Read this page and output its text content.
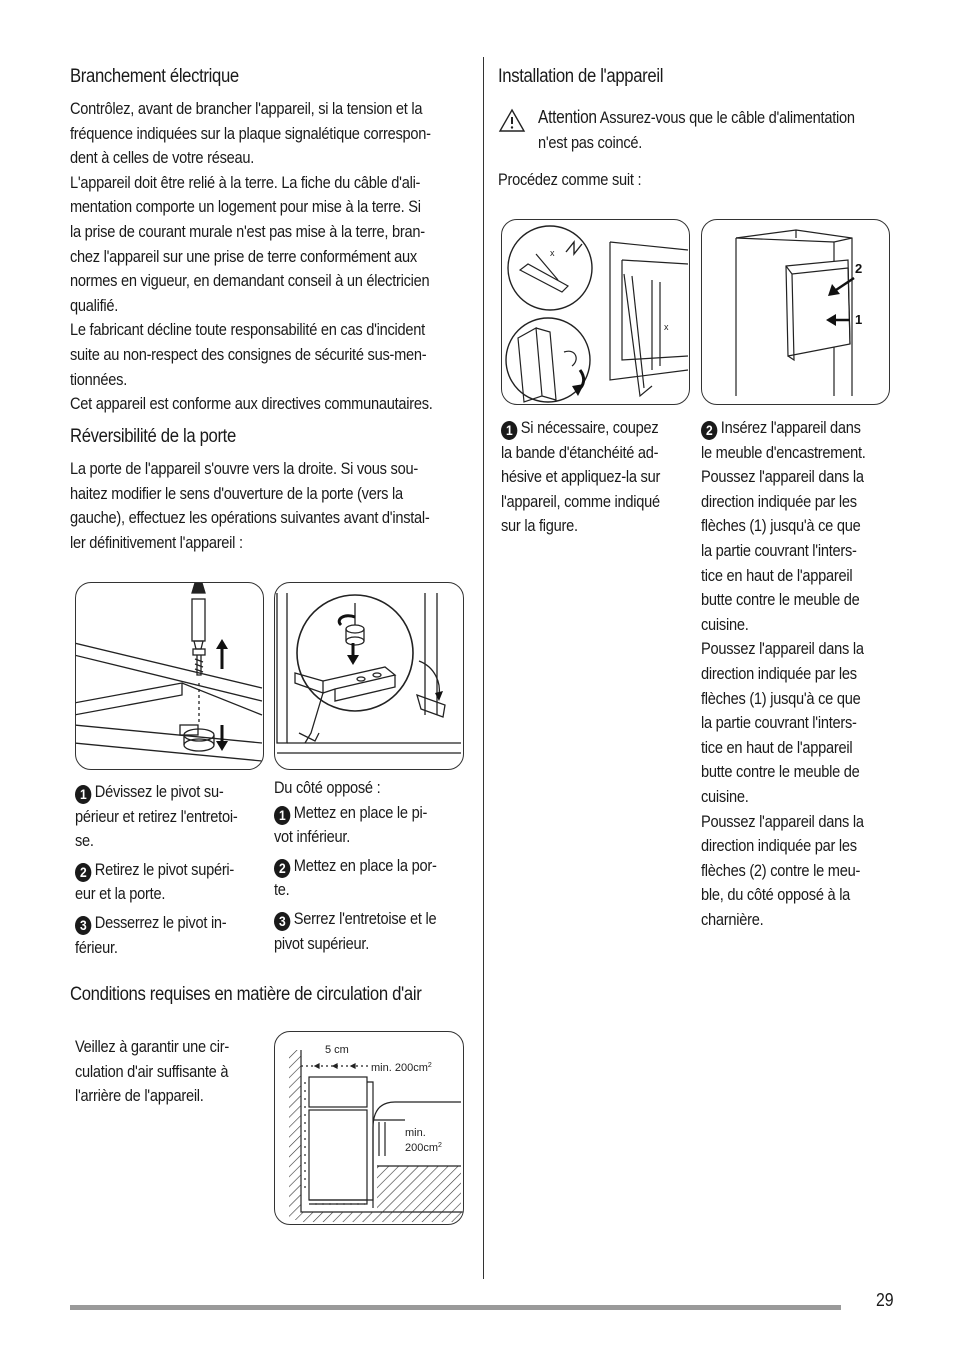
Branchement électrique
Contrôlez, avant de brancher l'appareil, si la tension et la
fréquence indiquées sur la plaque signalétique correspon-
dent à celles de votre réseau.
L'appareil doit être relié à la terre. La fiche du câble d'ali-
mentation comporte un logement pour mise à la terre. Si
la prise de courant murale n'est pas mise à la terre, bran-
chez l'appareil sur une prise de terre conformément aux
normes en vigueur, en demandant conseil à un électricien
qualifié.
Le fabricant décline toute responsabilité en cas d'incident
suite au non-respect des consignes de sécurité sus-men-
tionnées.
Cet appareil est conforme aux directives communautaires.
Réversibilité de la porte
La porte de l'appareil s'ouvre vers la droite. Si vous sou-
haitez modifier le sens d'ouverture de la porte (vers la
gauche), effectuez les opérations suivantes avant d'instal-
ler définitivement l'appareil :
1 Dévissez le pivot su-
périeur et retirez l'entretoi-
se.
2 Retirez le pivot supéri-
eur et la porte.
3 Desserrez le pivot in-
férieur.
Du côté opposé :
1 Mettez en place le pi-
vot inférieur.
2 Mettez en place la por-
te.
3 Serrez l'entretoise et le
pivot supérieur.
Conditions requises en matière de circulation d'air
Veillez à garantir une cir-
culation d'air suffisante à
l'arrière de l'appareil.
5 cm
min. $200cm^2$
min.
$200cm^2$
Installation de l'appareil
Attention Assurez-vous que le câble d'alimentation
n'est pas coincé.
Procédez comme suit :
x
x
2
1
1 Si nécessaire, coupez
la bande d'étanchéité ad-
hésive et appliquez-la sur
l'appareil, comme indiqué
sur la figure.
2 Insérez l'appareil dans
le meuble d'encastrement.
Poussez l'appareil dans la
direction indiquée par les
flèches (1) jusqu'à ce que
la partie couvrant l'inters-
tice en haut de l'appareil
butte contre le meuble de
cuisine.
Poussez l'appareil dans la
direction indiquée par les
flèches (1) jusqu'à ce que
la partie couvrant l'inters-
tice en haut de l'appareil
butte contre le meuble de
cuisine.
Poussez l'appareil dans la
direction indiquée par les
flèches (2) contre le meu-
ble, du côté opposé à la
charnière.
29
